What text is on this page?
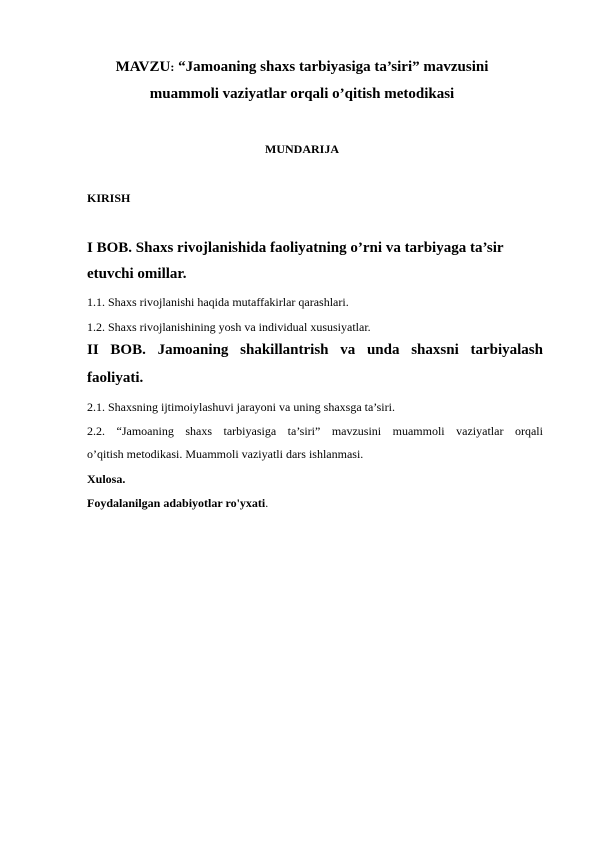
MAVZU: “Jamoaning shaxs tarbiyasiga ta’siri” mavzusini
muammoli vaziyatlar orqali o’qitish metodikasi
MUNDARIJA
KIRISH
I BOB. Shaxs rivojlanishida faoliyatning o’rni va tarbiyaga ta’sir
etuvchi omillar.
1.1. Shaxs rivojlanishi haqida mutaffakirlar qarashlari.
1.2. Shaxs rivojlanishining yosh va individual xususiyatlar.
II BOB. Jamoaning shakillantrish va unda shaxsni tarbiyalash
faoliyati.
2.1. Shaxsning ijtimoiylashuvi jarayoni va uning shaxsga ta’siri.
2.2. “Jamoaning shaxs tarbiyasiga ta’siri” mavzusini muammoli vaziyatlar orqali
o’qitish metodikasi. Muammoli vaziyatli dars ishlanmasi.
Xulosa.
Foydalanilgan adabiyotlar ro'yxati.
